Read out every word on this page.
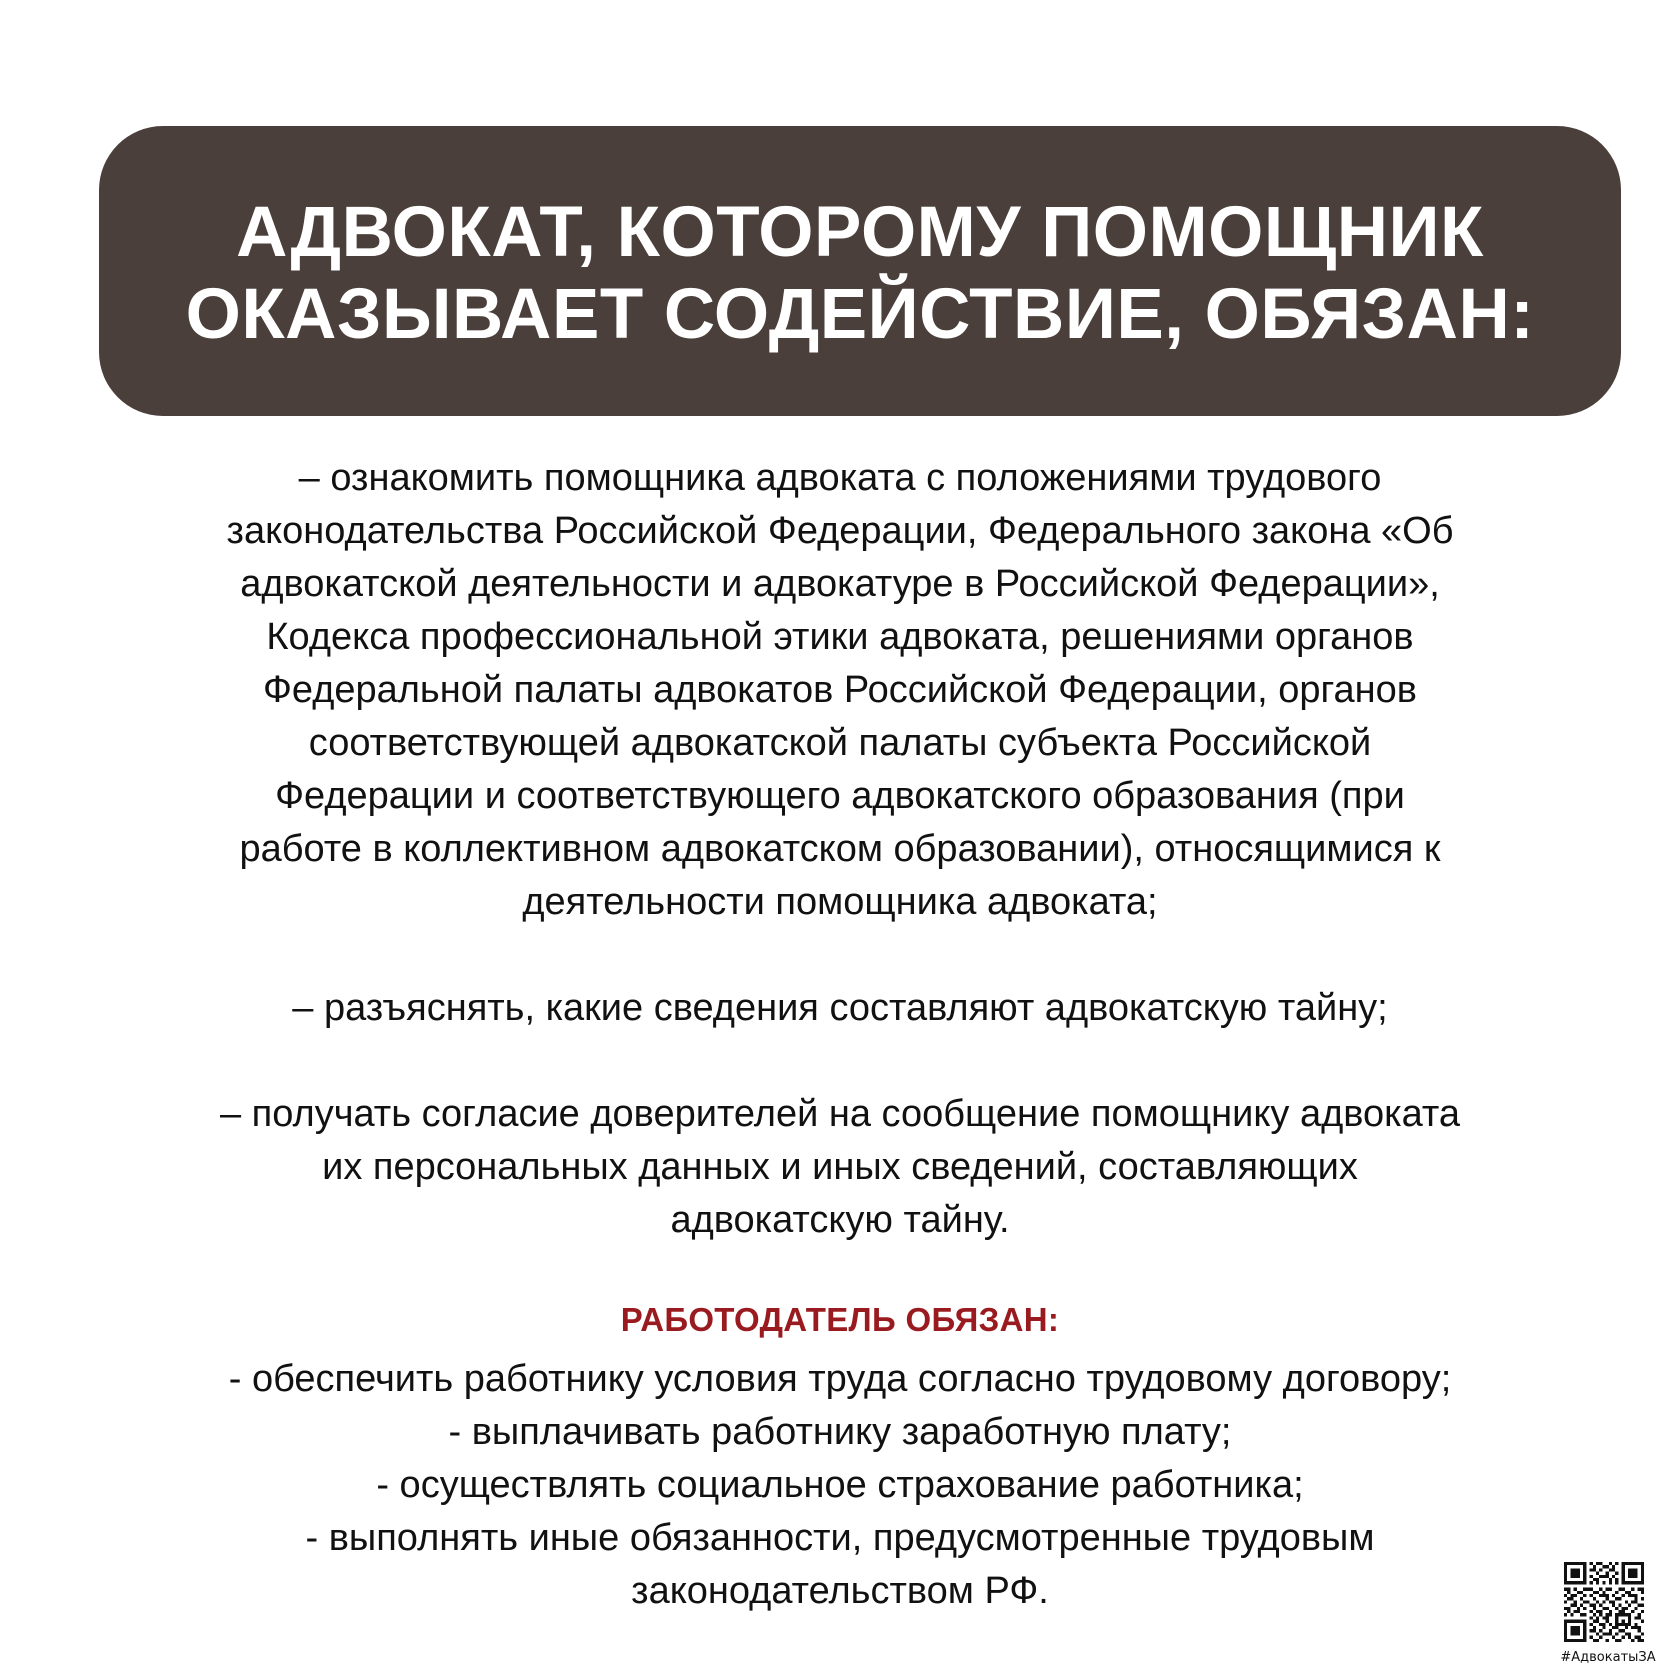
АДВОКАТ, КОТОРОМУ ПОМОЩНИК
ОКАЗЫВАЕТ СОДЕЙСТВИЕ, ОБЯЗАН:
– ознакомить помощника адвоката с положениями трудового
законодательства Российской Федерации, Федерального закона «Об
адвокатской деятельности и адвокатуре в Российской Федерации»,
Кодекса профессиональной этики адвоката, решениями органов
Федеральной палаты адвокатов Российской Федерации, органов
соответствующей адвокатской палаты субъекта Российской
Федерации и соответствующего адвокатского образования (при
работе в коллективном адвокатском образовании), относящимися к
деятельности помощника адвоката;
– разъяснять, какие сведения составляют адвокатскую тайну;
– получать согласие доверителей на сообщение помощнику адвоката
их персональных данных и иных сведений, составляющих
адвокатскую тайну.
РАБОТОДАТЕЛЬ ОБЯЗАН:
- обеспечить работнику условия труда согласно трудовому договору;
- выплачивать работнику заработную плату;
- осуществлять социальное страхование работника;
- выполнять иные обязанности, предусмотренные трудовым
законодательством РФ.
#АдвокатыЗА
